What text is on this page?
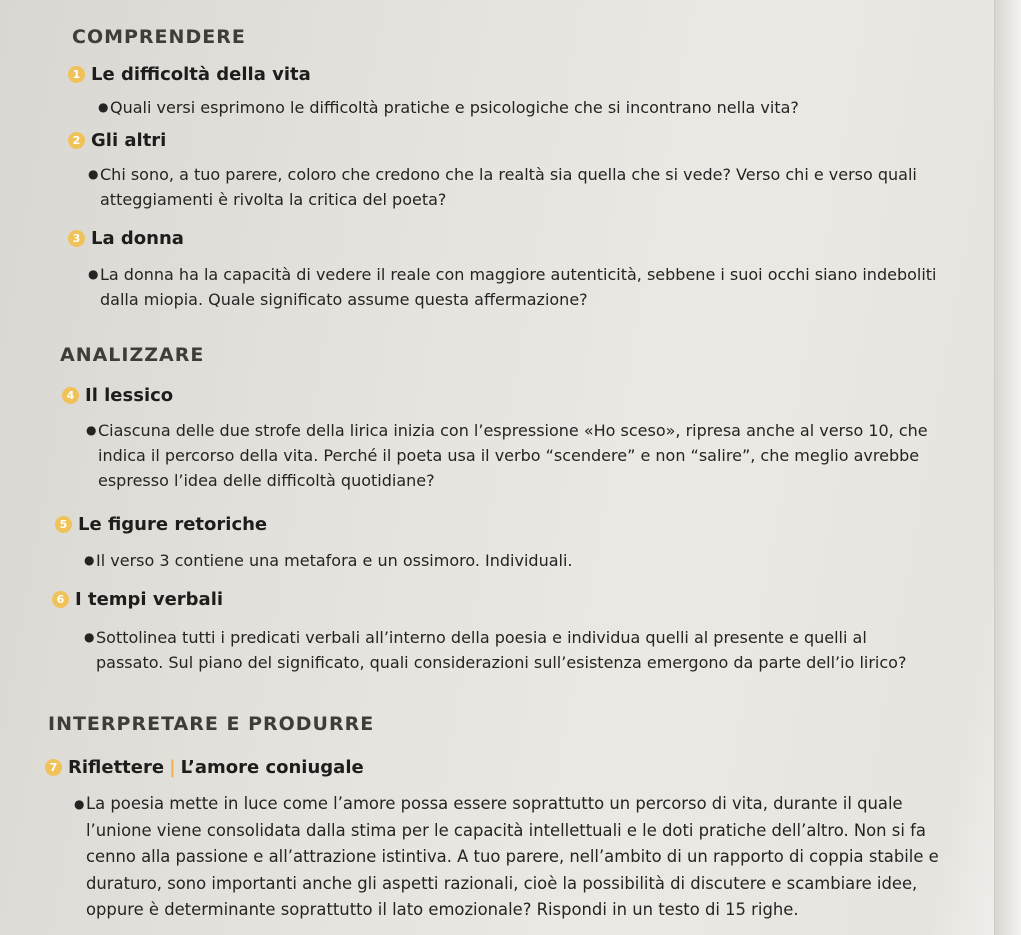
COMPRENDERE
1 Le difficoltà della vita
● Quali versi esprimono le difficoltà pratiche e psicologiche che si incontrano nella vita?
2 Gli altri
● Chi sono, a tuo parere, coloro che credono che la realtà sia quella che si vede? Verso chi e verso quali
atteggiamenti è rivolta la critica del poeta?
3 La donna
● La donna ha la capacità di vedere il reale con maggiore autenticità, sebbene i suoi occhi siano indeboliti
dalla miopia. Quale significato assume questa affermazione?
ANALIZZARE
4 Il lessico
● Ciascuna delle due strofe della lirica inizia con l’espressione «Ho sceso», ripresa anche al verso 10, che
indica il percorso della vita. Perché il poeta usa il verbo “scendere” e non “salire”, che meglio avrebbe
espresso l’idea delle difficoltà quotidiane?
5 Le figure retoriche
● Il verso 3 contiene una metafora e un ossimoro. Individuali.
6 I tempi verbali
● Sottolinea tutti i predicati verbali all’interno della poesia e individua quelli al presente e quelli al
passato. Sul piano del significato, quali considerazioni sull’esistenza emergono da parte dell’io lirico?
INTERPRETARE E PRODURRE
7 Riflettere | L’amore coniugale
● La poesia mette in luce come l’amore possa essere soprattutto un percorso di vita, durante il quale
l’unione viene consolidata dalla stima per le capacità intellettuali e le doti pratiche dell’altro. Non si fa
cenno alla passione e all’attrazione istintiva. A tuo parere, nell’ambito di un rapporto di coppia stabile e
duraturo, sono importanti anche gli aspetti razionali, cioè la possibilità di discutere e scambiare idee,
oppure è determinante soprattutto il lato emozionale? Rispondi in un testo di 15 righe.
